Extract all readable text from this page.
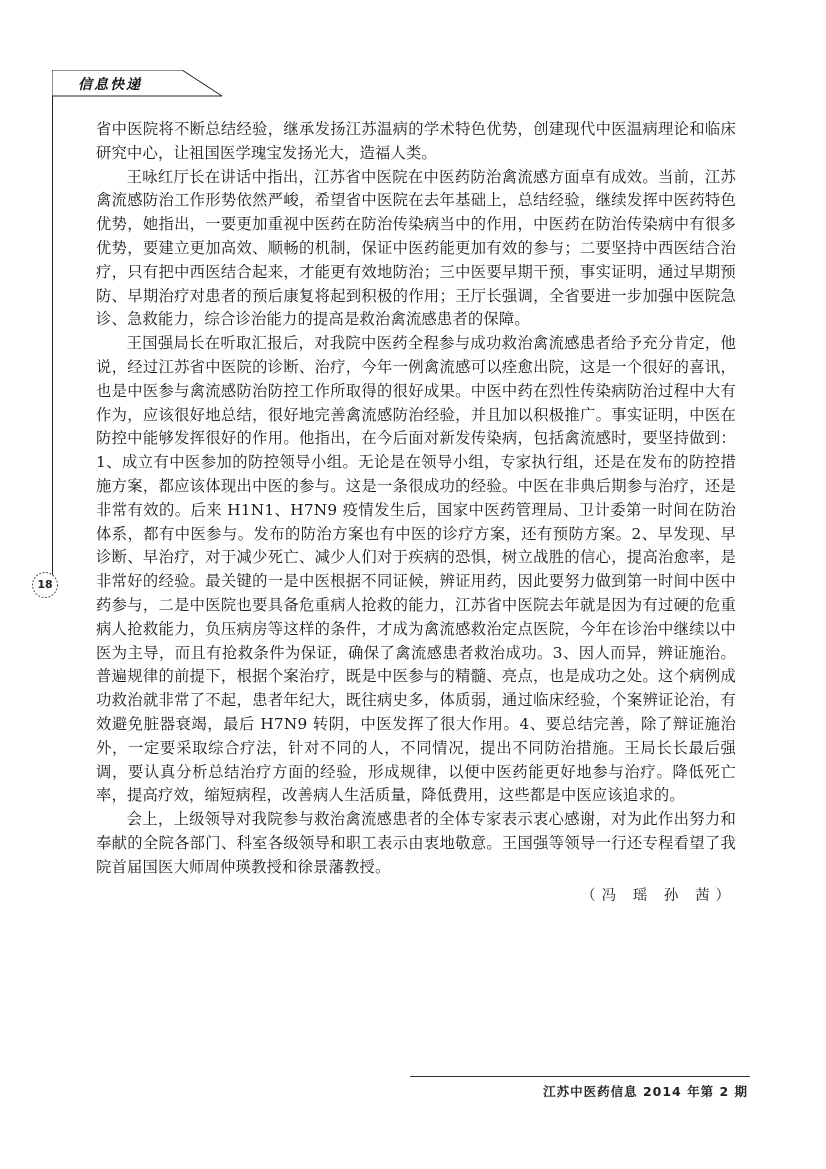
信息快递
18

省中医院将不断总结经验，继承发扬江苏温病的学术特色优势，创建现代中医温病理论和临床研究中心，让祖国医学瑰宝发扬光大，造福人类。

王咏红厅长在讲话中指出，江苏省中医院在中医药防治禽流感方面卓有成效。当前，江苏禽流感防治工作形势依然严峻，希望省中医院在去年基础上，总结经验，继续发挥中医药特色优势，她指出，一要更加重视中医药在防治传染病当中的作用，中医药在防治传染病中有很多优势，要建立更加高效、顺畅的机制，保证中医药能更加有效的参与；二要坚持中西医结合治疗，只有把中西医结合起来，才能更有效地防治；三中医要早期干预，事实证明，通过早期预防、早期治疗对患者的预后康复将起到积极的作用；王厅长强调，全省要进一步加强中医院急诊、急救能力，综合诊治能力的提高是救治禽流感患者的保障。

王国强局长在听取汇报后，对我院中医药全程参与成功救治禽流感患者给予充分肯定，他说，经过江苏省中医院的诊断、治疗，今年一例禽流感可以痊愈出院，这是一个很好的喜讯，也是中医参与禽流感防治防控工作所取得的很好成果。中医中药在烈性传染病防治过程中大有作为，应该很好地总结，很好地完善禽流感防治经验，并且加以积极推广。事实证明，中医在防控中能够发挥很好的作用。他指出，在今后面对新发传染病，包括禽流感时，要坚持做到：1、成立有中医参加的防控领导小组。无论是在领导小组，专家执行组，还是在发布的防控措施方案，都应该体现出中医的参与。这是一条很成功的经验。中医在非典后期参与治疗，还是非常有效的。后来 H1N1、H7N9 疫情发生后，国家中医药管理局、卫计委第一时间在防治体系，都有中医参与。发布的防治方案也有中医的诊疗方案，还有预防方案。2、早发现、早诊断、早治疗，对于减少死亡、减少人们对于疾病的恐惧，树立战胜的信心，提高治愈率，是非常好的经验。最关键的一是中医根据不同证候，辨证用药，因此要努力做到第一时间中医中药参与，二是中医院也要具备危重病人抢救的能力，江苏省中医院去年就是因为有过硬的危重病人抢救能力，负压病房等这样的条件，才成为禽流感救治定点医院，今年在诊治中继续以中医为主导，而且有抢救条件为保证，确保了禽流感患者救治成功。3、因人而异，辨证施治。普遍规律的前提下，根据个案治疗，既是中医参与的精髓、亮点，也是成功之处。这个病例成功救治就非常了不起，患者年纪大，既往病史多，体质弱，通过临床经验，个案辨证论治，有效避免脏器衰竭，最后 H7N9 转阴，中医发挥了很大作用。4、要总结完善，除了辩证施治外，一定要采取综合疗法，针对不同的人，不同情况，提出不同防治措施。王局长长最后强调，要认真分析总结治疗方面的经验，形成规律，以便中医药能更好地参与治疗。降低死亡率，提高疗效，缩短病程，改善病人生活质量，降低费用，这些都是中医应该追求的。

会上，上级领导对我院参与救治禽流感患者的全体专家表示衷心感谢，对为此作出努力和奉献的全院各部门、科室各级领导和职工表示由衷地敬意。王国强等领导一行还专程看望了我院首届国医大师周仲瑛教授和徐景藩教授。

（冯 瑶 孙 茜）

江苏中医药信息 2014 年第 2 期
